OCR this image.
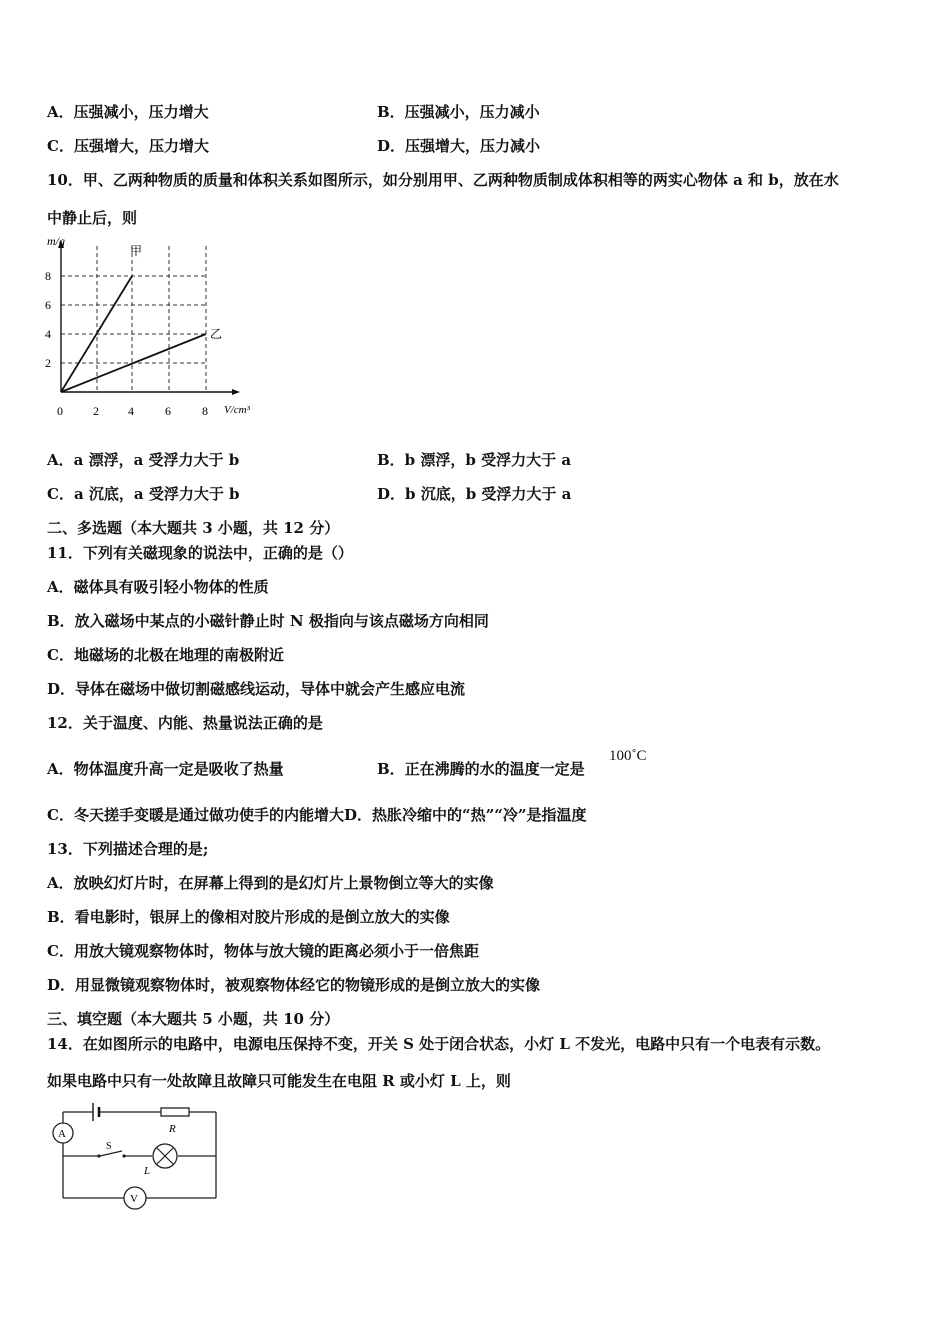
A．压强减小，压力增大	B．压强减小，压力减小
C．压强增大，压力增大	D．压强增大，压力减小
10．甲、乙两种物质的质量和体积关系如图所示，如分别用甲、乙两种物质制成体积相等的两实心物体 a 和 b，放在水
中静止后，则
m/g
V/cm³
甲
乙
8
6
4
2
0	2 4	6	8
A．a 漂浮，a 受浮力大于 b	B．b 漂浮，b 受浮力大于 a
C．a 沉底，a 受浮力大于 b	D．b 沉底，b 受浮力大于 a
二、多选题（本大题共 3 小题，共 12 分）
11．下列有关磁现象的说法中，正确的是（）
A．磁体具有吸引轻小物体的性质
B．放入磁场中某点的小磁针静止时 N 极指向与该点磁场方向相同
C．地磁场的北极在地理的南极附近
D．导体在磁场中做切割磁感线运动，导体中就会产生感应电流
12．关于温度、内能、热量说法正确的是
A．物体温度升高一定是吸收了热量	B．正在沸腾的水的温度一定是
100˚C
C．冬天搓手变暖是通过做功使手的内能增大D．热胀冷缩中的“热”“冷”是指温度
13．下列描述合理的是;
A．放映幻灯片时，在屏幕上得到的是幻灯片上景物倒立等大的实像
B．看电影时，银屏上的像相对胶片形成的是倒立放大的实像
C．用放大镜观察物体时，物体与放大镜的距离必须小于一倍焦距
D．用显微镜观察物体时，被观察物体经它的物镜形成的是倒立放大的实像
三、填空题（本大题共 5 小题，共 10 分）
14．在如图所示的电路中，电源电压保持不变，开关 S 处于闭合状态，小灯 L 不发光，电路中只有一个电表有示数。
如果电路中只有一处故障且故障只可能发生在电阻 R 或小灯 L 上，则
R
A
S
L
V
